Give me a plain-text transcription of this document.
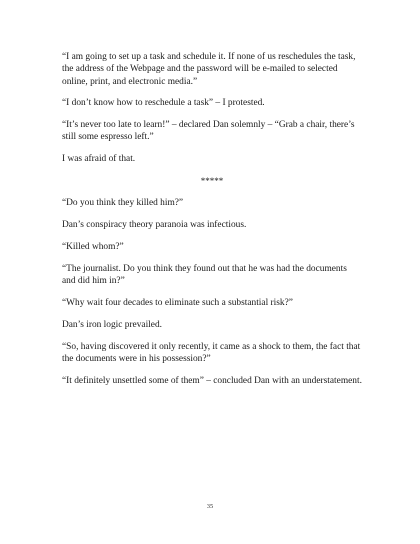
“I am going to set up a task and schedule it. If none of us reschedules the task, the address of the Webpage and the password will be e-mailed to selected online, print, and electronic media.”

“I don’t know how to reschedule a task” – I protested.

“It’s never too late to learn!” – declared Dan solemnly – “Grab a chair, there’s still some espresso left.”

I was afraid of that.

*****

“Do you think they killed him?”

Dan’s conspiracy theory paranoia was infectious.

“Killed whom?”

“The journalist. Do you think they found out that he was had the documents and did him in?”

“Why wait four decades to eliminate such a substantial risk?”

Dan’s iron logic prevailed.

“So, having discovered it only recently, it came as a shock to them, the fact that the documents were in his possession?”

“It definitely unsettled some of them” – concluded Dan with an understatement.

35
